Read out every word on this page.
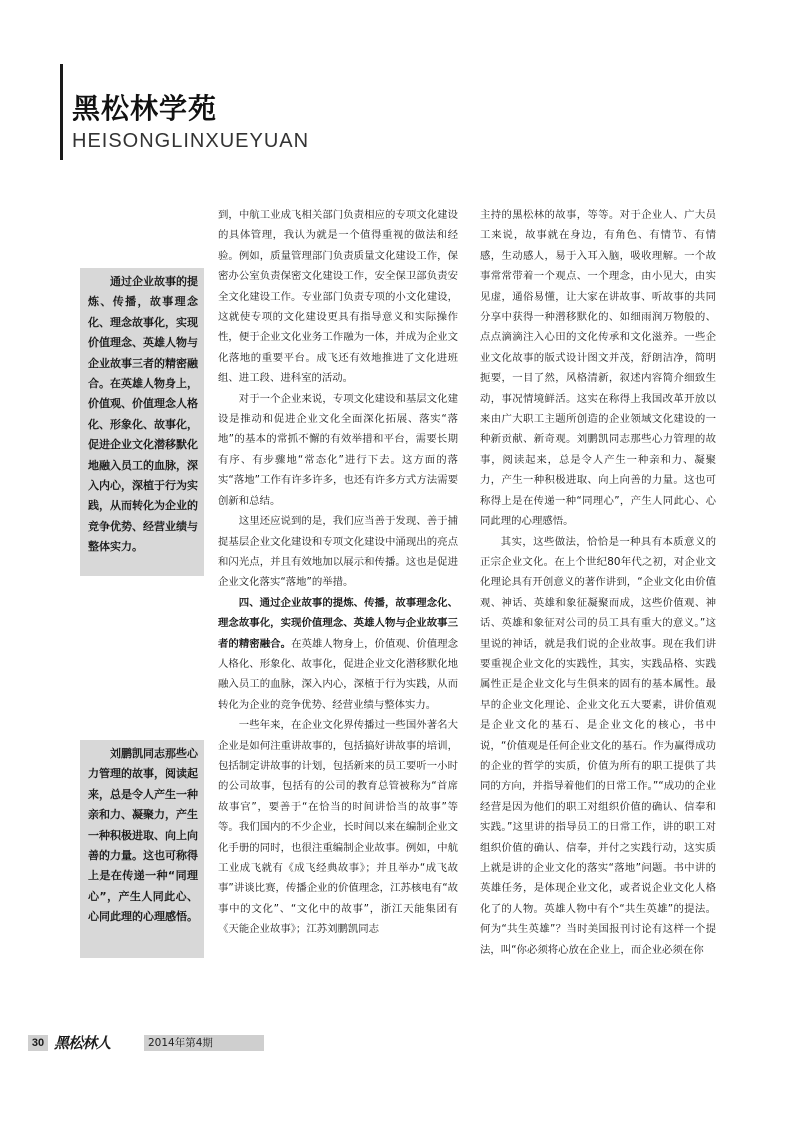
黑松林学苑
HEISONGLINXUEYUAN

通过企业故事的提炼、传播，故事理念化、理念故事化，实现价值理念、英雄人物与企业故事三者的精密融合。在英雄人物身上，价值观、价值理念人格化、形象化、故事化，促进企业文化潜移默化地融入员工的血脉，深入内心，深植于行为实践，从而转化为企业的竞争优势、经营业绩与整体实力。

刘鹏凯同志那些心力管理的故事，阅读起来，总是令人产生一种亲和力、凝聚力，产生一种积极进取、向上向善的力量。这也可称得上是在传递一种“同理心”，产生人同此心、心同此理的心理感悟。

到，中航工业成飞相关部门负责相应的专项文化建设的具体管理，我认为就是一个值得重视的做法和经验。例如，质量管理部门负责质量文化建设工作，保密办公室负责保密文化建设工作，安全保卫部负责安全文化建设工作。专业部门负责专项的小文化建设，这就使专项的文化建设更具有指导意义和实际操作性，便于企业文化业务工作融为一体，并成为企业文化落地的重要平台。成飞还有效地推进了文化进班组、进工段、进科室的活动。

对于一个企业来说，专项文化建设和基层文化建设是推动和促进企业文化全面深化拓展、落实“落地”的基本的常抓不懈的有效举措和平台，需要长期有序、有步骤地“常态化”进行下去。这方面的落实“落地”工作有许多许多，也还有许多方式方法需要创新和总结。

这里还应说到的是，我们应当善于发现、善于捕捉基层企业文化建设和专项文化建设中涌现出的亮点和闪光点，并且有效地加以展示和传播。这也是促进企业文化落实“落地”的举措。

四、通过企业故事的提炼、传播，故事理念化、理念故事化，实现价值理念、英雄人物与企业故事三者的精密融合。在英雄人物身上，价值观、价值理念人格化、形象化、故事化，促进企业文化潜移默化地融入员工的血脉，深入内心，深植于行为实践，从而转化为企业的竞争优势、经营业绩与整体实力。

一些年来，在企业文化界传播过一些国外著名大企业是如何注重讲故事的，包括搞好讲故事的培训，包括制定讲故事的计划，包括新来的员工要听一小时的公司故事，包括有的公司的教育总管被称为“首席故事官”，要善于“在恰当的时间讲恰当的故事”等等。我们国内的不少企业，长时间以来在编制企业文化手册的同时，也很注重编制企业故事。例如，中航工业成飞就有《成飞经典故事》；并且举办“成飞故事”讲谈比赛，传播企业的价值理念，江苏核电有“故事中的文化”、“文化中的故事”，浙江天能集团有《天能企业故事》；江苏刘鹏凯同志

主持的黑松林的故事，等等。对于企业人、广大员工来说，故事就在身边，有角色、有情节、有情感，生动感人，易于入耳入脑，吸收理解。一个故事常常带着一个观点、一个理念，由小见大，由实见虚，通俗易懂，让大家在讲故事、听故事的共同分享中获得一种潜移默化的、如细雨润万物般的、点点滴滴注入心田的文化传承和文化滋养。一些企业文化故事的版式设计图文并茂，舒朗洁净，简明扼要，一目了然，风格清新，叙述内容简介细致生动，事况情境鲜活。这实在称得上我国改革开放以来由广大职工主题所创造的企业领域文化建设的一种新贡献、新奇观。刘鹏凯同志那些心力管理的故事，阅读起来，总是令人产生一种亲和力、凝聚力，产生一种积极进取、向上向善的力量。这也可称得上是在传递一种“同理心”，产生人同此心、心同此理的心理感悟。

其实，这些做法，恰恰是一种具有本质意义的正宗企业文化。在上个世纪80年代之初，对企业文化理论具有开创意义的著作讲到，“企业文化由价值观、神话、英雄和象征凝聚而成，这些价值观、神话、英雄和象征对公司的员工具有重大的意义。”这里说的神话，就是我们说的企业故事。现在我们讲要重视企业文化的实践性，其实，实践品格、实践属性正是企业文化与生俱来的固有的基本属性。最早的企业文化理论、企业文化五大要素，讲价值观是企业文化的基石、是企业文化的核心，书中说，“价值观是任何企业文化的基石。作为赢得成功的企业的哲学的实质，价值为所有的职工提供了共同的方向，并指导着他们的日常工作。”“成功的企业经营是因为他们的职工对组织价值的确认、信奉和实践。”这里讲的指导员工的日常工作，讲的职工对组织价值的确认、信奉，并付之实践行动，这实质上就是讲的企业文化的落实“落地”问题。书中讲的英雄任务，是体现企业文化，或者说企业文化人格化了的人物。英雄人物中有个“共生英雄”的提法。何为“共生英雄”？当时美国报刊讨论有这样一个提法，叫“你必须将心放在企业上，而企业必须在你

30 黑松林人	2014年第4期
